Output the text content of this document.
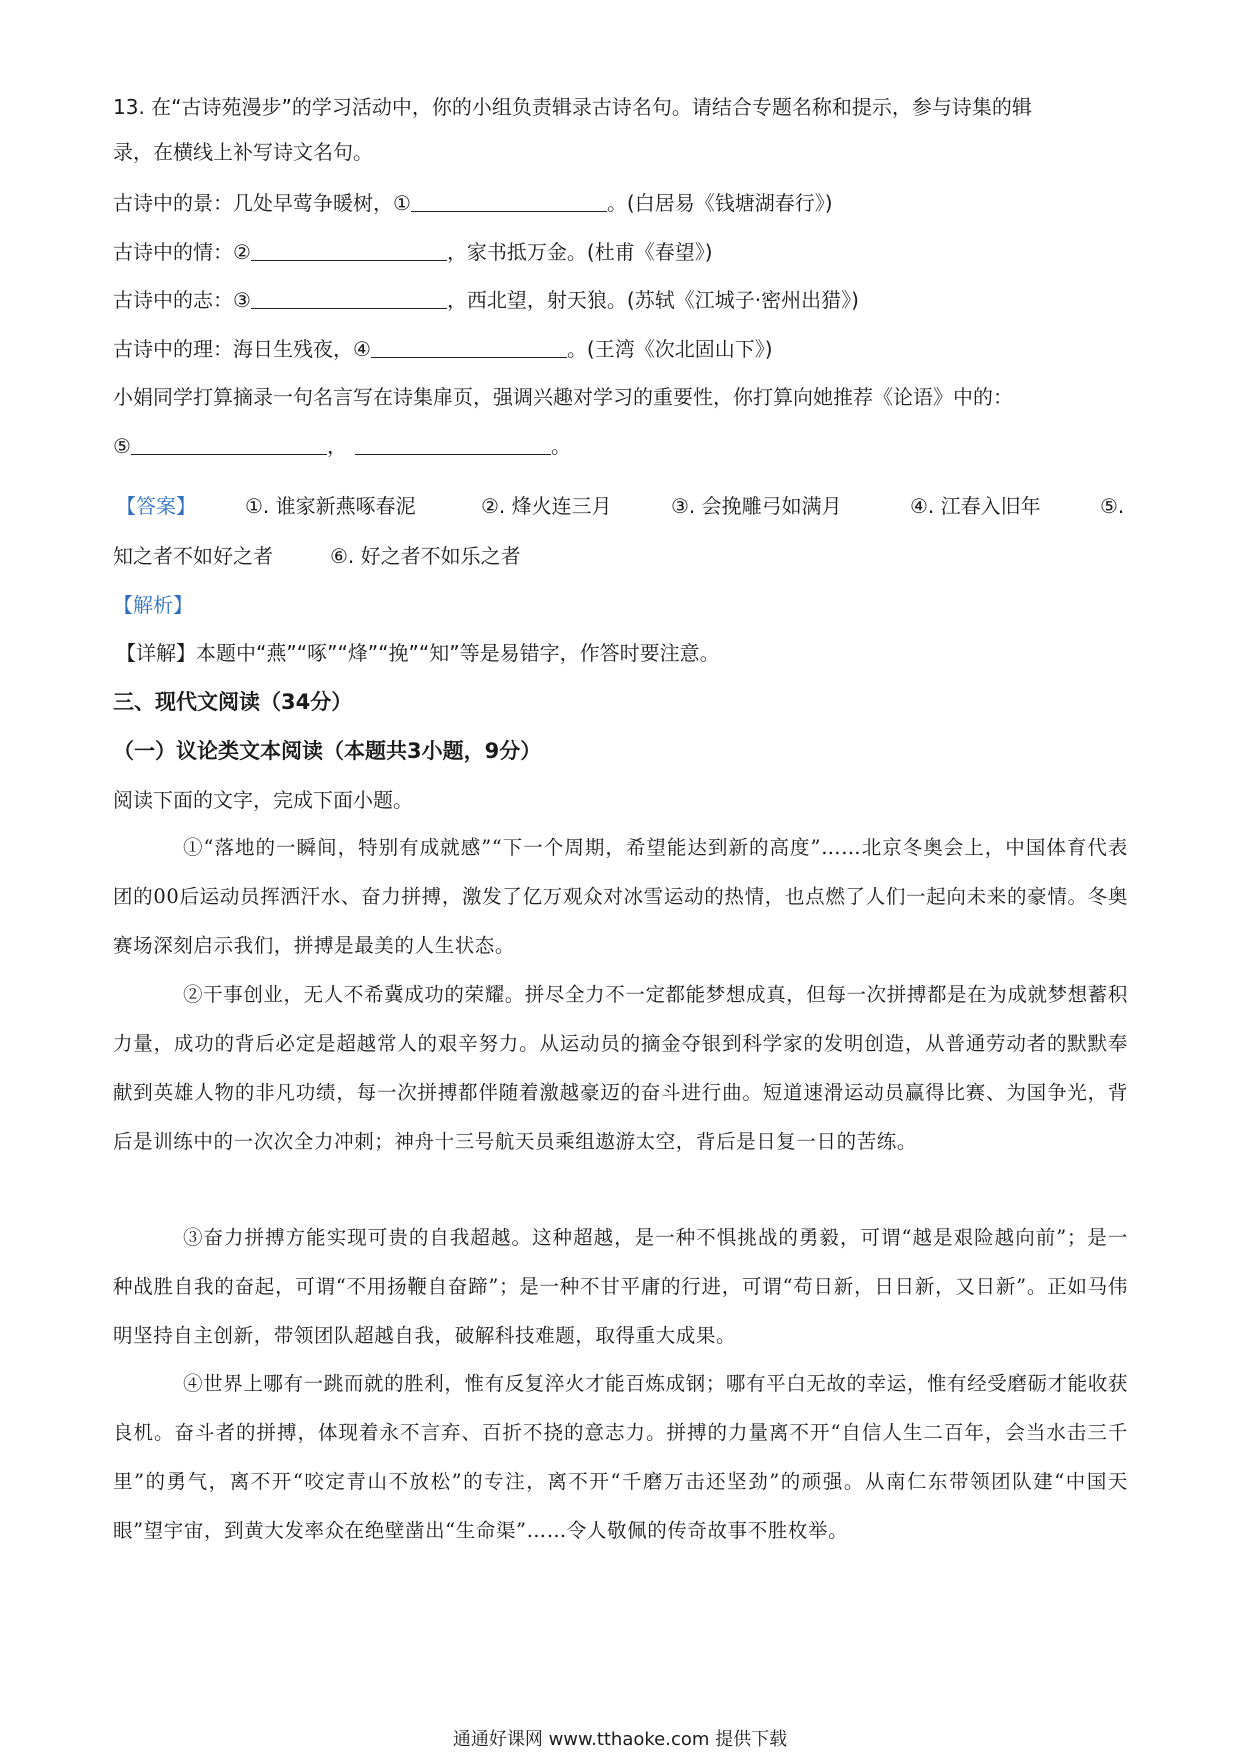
13. 在“古诗苑漫步”的学习活动中，你的小组负责辑录古诗名句。请结合专题名称和提示，参与诗集的辑
录，在横线上补写诗文名句。
古诗中的景：几处早莺争暖树，①	。(白居易《钱塘湖春行》)
古诗中的情：②	，家书抵万金。(杜甫《春望》)
古诗中的志：③	，西北望，射天狼。(苏轼《江城子·密州出猎》)
古诗中的理：海日生残夜，④	。(王湾《次北固山下》)
小娟同学打算摘录一句名言写在诗集扉页，强调兴趣对学习的重要性，你打算向她推荐《论语》中的：
⑤	，	。
【答案】 ①. 谁家新燕啄春泥	②. 烽火连三月	③. 会挽雕弓如满月	④. 江春入旧年	⑤.
知之者不如好之者	⑥. 好之者不如乐之者
【解析】
【详解】本题中“燕”“啄”“烽”“挽”“知”等是易错字，作答时要注意。
三、现代文阅读（34分）
（一）议论类文本阅读（本题共3小题，9分）
阅读下面的文字，完成下面小题。
①“落地的一瞬间，特别有成就感”“下一个周期，希望能达到新的高度”……北京冬奥会上，中国体育代表团的00后运动员挥洒汗水、奋力拼搏，激发了亿万观众对冰雪运动的热情，也点燃了人们一起向未来的豪情。冬奥赛场深刻启示我们，拼搏是最美的人生状态。
②干事创业，无人不希冀成功的荣耀。拼尽全力不一定都能梦想成真，但每一次拼搏都是在为成就梦想蓄积力量，成功的背后必定是超越常人的艰辛努力。从运动员的摘金夺银到科学家的发明创造，从普通劳动者的默默奉献到英雄人物的非凡功绩，每一次拼搏都伴随着激越豪迈的奋斗进行曲。短道速滑运动员赢得比赛、为国争光，背后是训练中的一次次全力冲刺；神舟十三号航天员乘组遨游太空，背后是日复一日的苦练。
③奋力拼搏方能实现可贵的自我超越。这种超越，是一种不惧挑战的勇毅，可谓“越是艰险越向前”；是一种战胜自我的奋起，可谓“不用扬鞭自奋蹄”；是一种不甘平庸的行进，可谓“苟日新，日日新，又日新”。正如马伟明坚持自主创新，带领团队超越自我，破解科技难题，取得重大成果。
④世界上哪有一跳而就的胜利，惟有反复淬火才能百炼成钢；哪有平白无故的幸运，惟有经受磨砺才能收获良机。奋斗者的拼搏，体现着永不言弃、百折不挠的意志力。拼搏的力量离不开“自信人生二百年，会当水击三千里”的勇气，离不开“咬定青山不放松”的专注，离不开“千磨万击还坚劲”的顽强。从南仁东带领团队建“中国天眼”望宇宙，到黄大发率众在绝壁凿出“生命渠”……令人敬佩的传奇故事不胜枚举。
通通好课网 www.tthaoke.com 提供下载
